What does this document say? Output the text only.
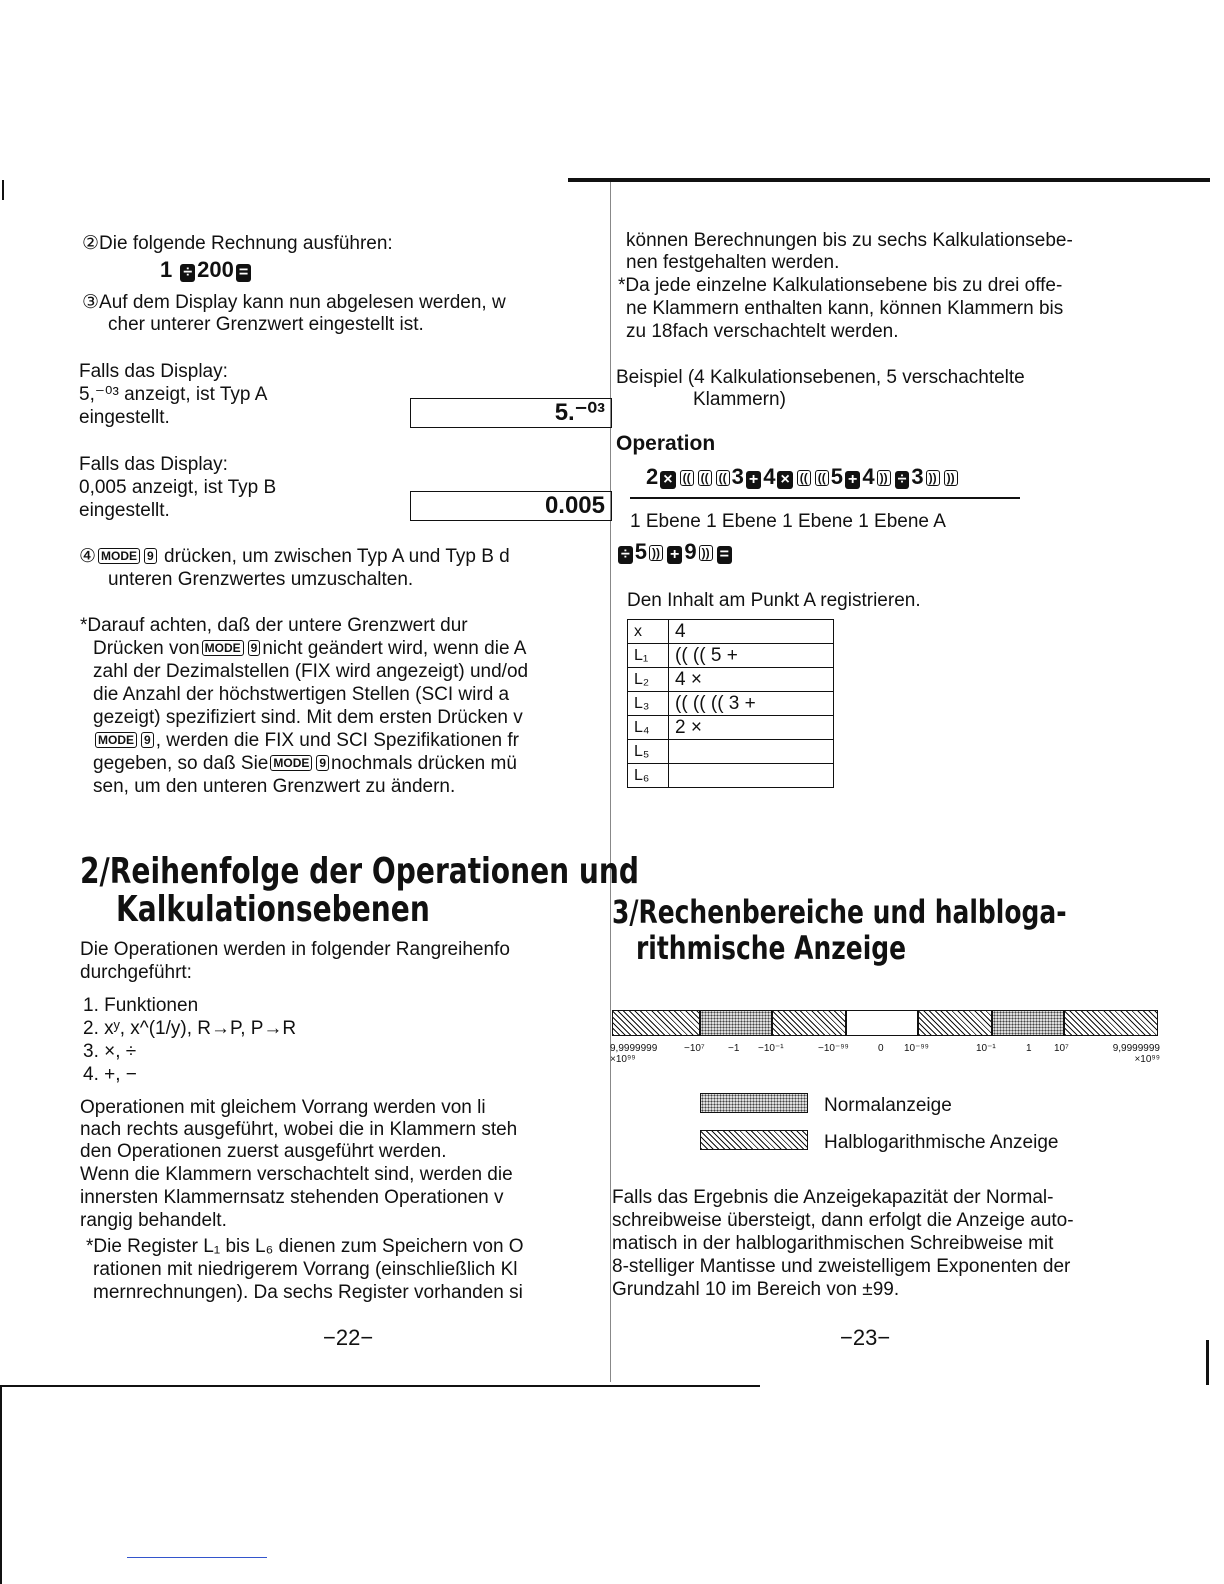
②Die folgende Rechnung ausführen:
1 ÷ 200 =
③Auf dem Display kann nun abgelesen werden, w
cher unterer Grenzwert eingestellt ist.
Falls das Display:
5,⁻⁰³ anzeigt, ist Typ A
eingestellt.	5.⁻⁰³
Falls das Display:
0,005 anzeigt, ist Typ B
eingestellt.	0.005
④ MODE 9 drücken, um zwischen Typ A und Typ B d
unteren Grenzwertes umzuschalten.
*Darauf achten, daß der untere Grenzwert dur
Drücken von MODE 9 nicht geändert wird, wenn die A
zahl der Dezimalstellen (FIX wird angezeigt) und/od
die Anzahl der höchstwertigen Stellen (SCI wird a
gezeigt) spezifiziert sind. Mit dem ersten Drücken v
MODE 9 , werden die FIX und SCI Spezifikationen fr
gegeben, so daß Sie MODE 9 nochmals drücken mü
sen, um den unteren Grenzwert zu ändern.
2/Reihenfolge der Operationen und
Kalkulationsebenen
Die Operationen werden in folgender Rangreihenfo
durchgeführt:
1. Funktionen
2. xʸ, x^(1/y), R→P, P→R
3. ×, ÷
4. +, −
Operationen mit gleichem Vorrang werden von li
nach rechts ausgeführt, wobei die in Klammern steh
den Operationen zuerst ausgeführt werden.
Wenn die Klammern verschachtelt sind, werden die
innersten Klammernsatz stehenden Operationen v
rangig behandelt.
*Die Register L₁ bis L₆ dienen zum Speichern von O
rationen mit niedrigerem Vorrang (einschließlich Kl
mernrechnungen). Da sechs Register vorhanden si
−22−
können Berechnungen bis zu sechs Kalkulationsebe-
nen festgehalten werden.
*Da jede einzelne Kalkulationsebene bis zu drei offe-
ne Klammern enthalten kann, können Klammern bis
zu 18fach verschachtelt werden.
Beispiel (4 Kalkulationsebenen, 5 verschachtelte
Klammern)
Operation
2 × (( (( (( 3 + 4 × (( (( 5 + 4 )) ÷ 3 )) ))
1 Ebene 1 Ebene 1 Ebene 1 Ebene A
÷ 5 )) + 9 )) =
Den Inhalt am Punkt A registrieren.
x	4
L₁	(( (( 5 +
L₂	4 ×
L₃	(( (( (( 3 +
L₄	2 ×
L₅	
L₆	
3/Rechenbereiche und halbloga-
rithmische Anzeige
9,9999999 ×10⁹⁹
−10⁷ −1 −10⁻¹	−10⁻⁹⁹	0 10⁻⁹⁹	10⁻¹	1 10⁷	9,9999999 ×10⁹⁹
Normalanzeige
Halblogarithmische Anzeige
Falls das Ergebnis die Anzeigekapazität der Normal-
schreibweise übersteigt, dann erfolgt die Anzeige auto-
matisch in der halblogarithmischen Schreibweise mit
8-stelliger Mantisse und zweistelligem Exponenten der
Grundzahl 10 im Bereich von ±99.
−23−
